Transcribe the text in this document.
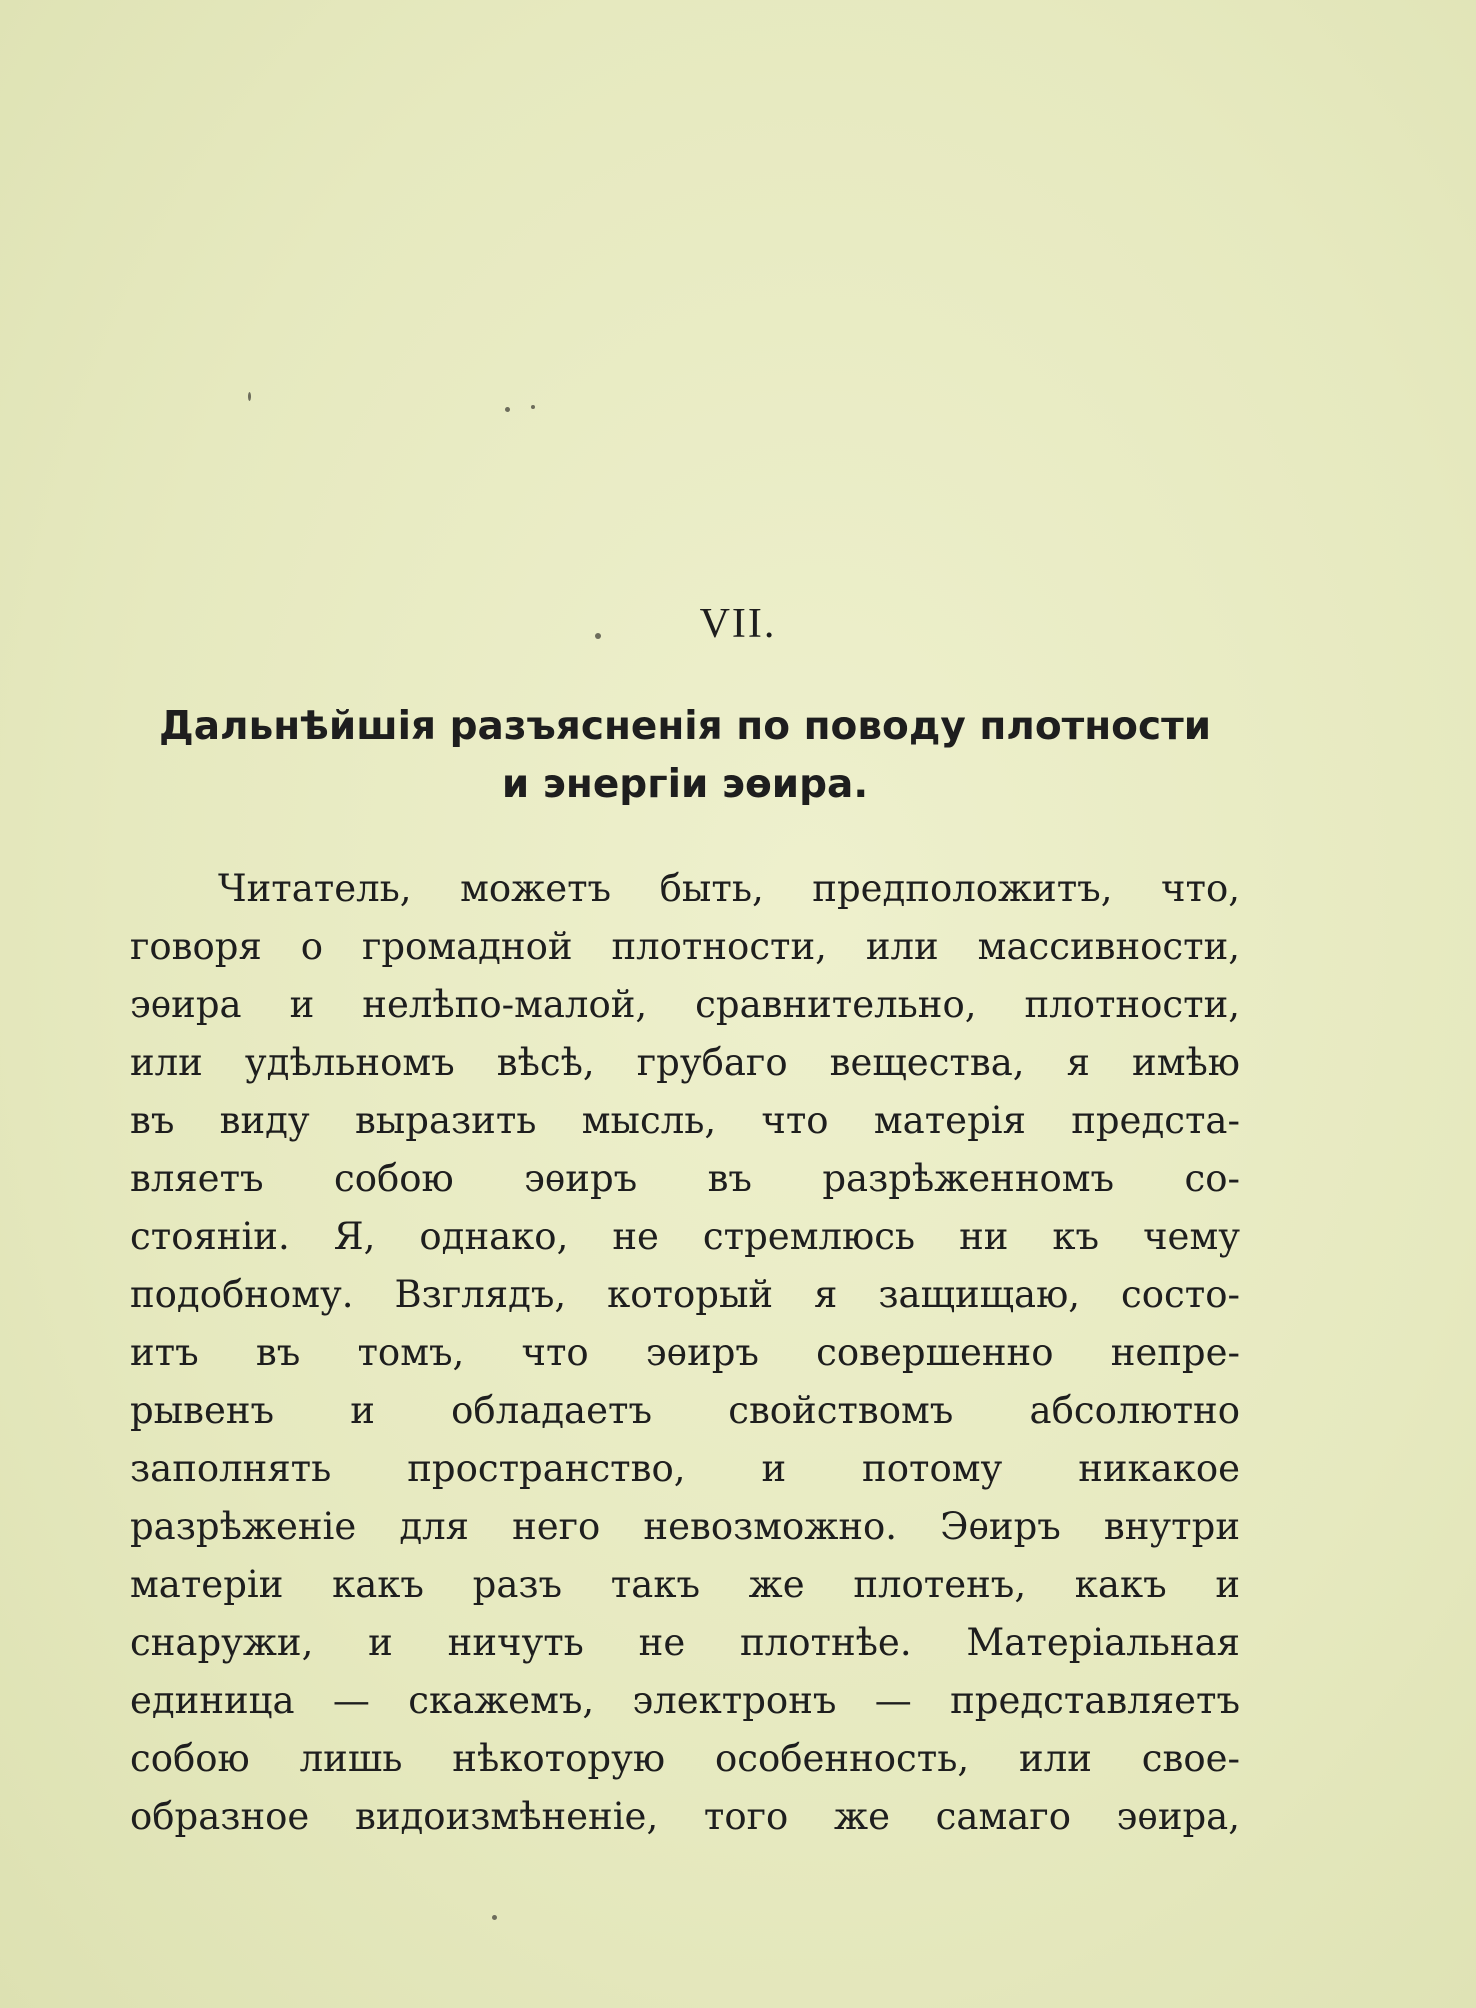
VII.
Дальнѣйшія разъясненія по поводу плотности
и энергіи эѳира.
Читатель, можетъ быть, предположитъ, что,
говоря о громадной плотности, или массивности,
эѳира и нелѣпо-малой, сравнительно, плотности,
или удѣльномъ вѣсѣ, грубаго вещества, я имѣю
въ виду выразить мысль, что матерія предста-
вляетъ собою эѳиръ въ разрѣженномъ со-
стояніи. Я, однако, не стремлюсь ни къ чему
подобному. Взглядъ, который я защищаю, состо-
итъ въ томъ, что эѳиръ совершенно непре-
рывенъ и обладаетъ свойствомъ абсолютно
заполнять пространство, и потому никакое
разрѣженіе для него невозможно. Эѳиръ внутри
матеріи какъ разъ такъ же плотенъ, какъ и
снаружи, и ничуть не плотнѣе. Матеріальная
единица — скажемъ, электронъ — представляетъ
собою лишь нѣкоторую особенность, или свое-
образное видоизмѣненіе, того же самаго эѳира,
